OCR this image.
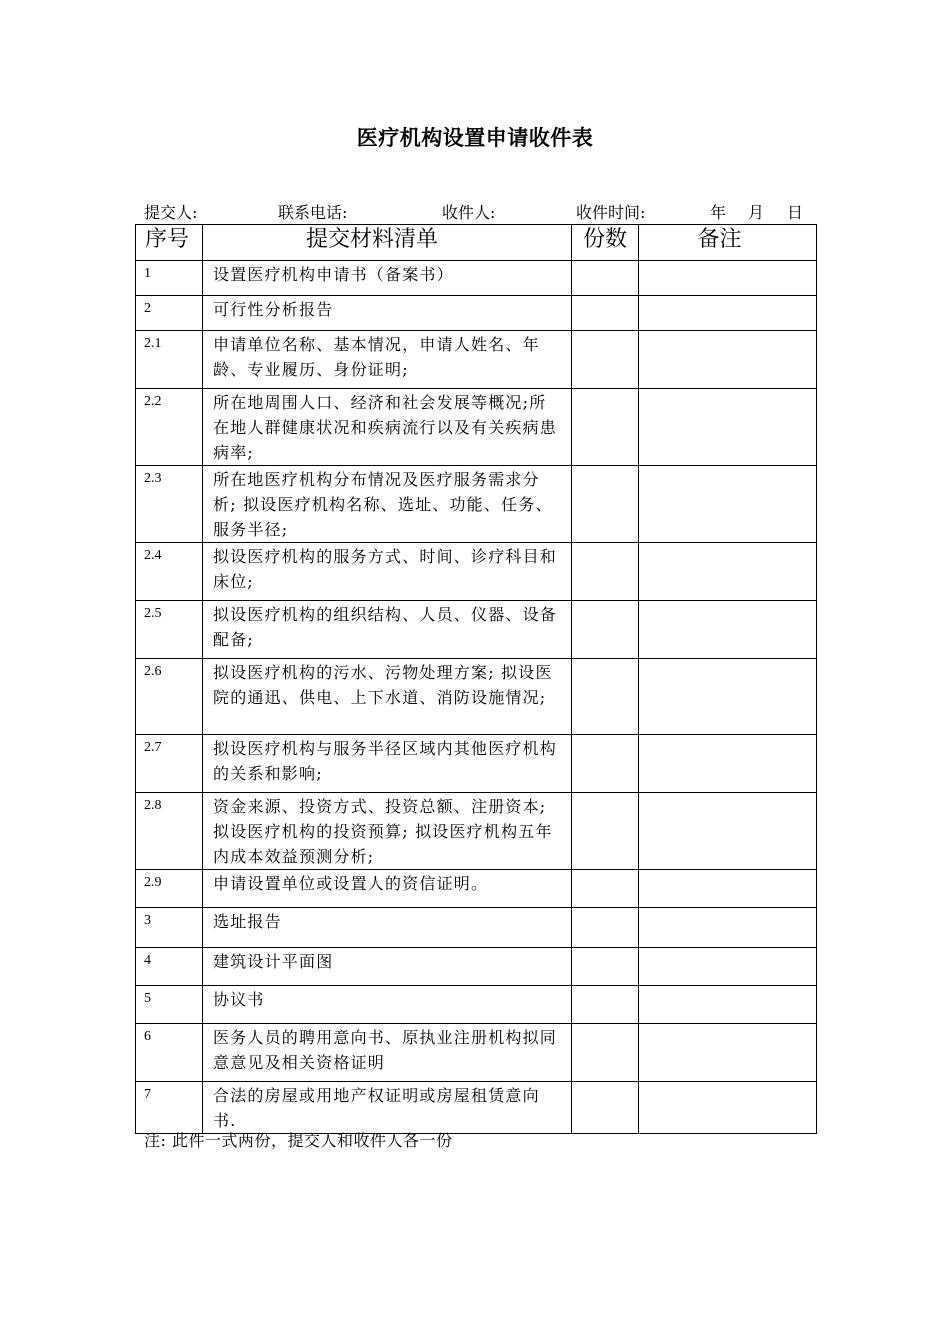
医疗机构设置申请收件表
提交人:	联系电话:	收件人:	收件时间:	年 月 日
序号	提交材料清单	份数	备注
1	设置医疗机构申请书（备案书）		
2	可行性分析报告		
2.1	申请单位名称、基本情况，申请人姓名、年龄、专业履历、身份证明;		
2.2	所在地周围人口、经济和社会发展等概况;所在地人群健康状况和疾病流行以及有关疾病患病率;		
2.3	所在地医疗机构分布情况及医疗服务需求分析; 拟设医疗机构名称、选址、功能、任务、服务半径;		
2.4	拟设医疗机构的服务方式、时间、诊疗科目和床位;		
2.5	拟设医疗机构的组织结构、人员、仪器、设备配备;		
2.6	拟设医疗机构的污水、污物处理方案; 拟设医院的通迅、供电、上下水道、消防设施情况;		
2.7	拟设医疗机构与服务半径区域内其他医疗机构的关系和影响;		
2.8	资金来源、投资方式、投资总额、注册资本;拟设医疗机构的投资预算; 拟设医疗机构五年内成本效益预测分析;		
2.9	申请设置单位或设置人的资信证明。		
3	选址报告		
4	建筑设计平面图		
5	协议书		
6	医务人员的聘用意向书、原执业注册机构拟同意意见及相关资格证明		
7	合法的房屋或用地产权证明或房屋租赁意向书.		
注: 此件一式两份，提交人和收件人各一份
